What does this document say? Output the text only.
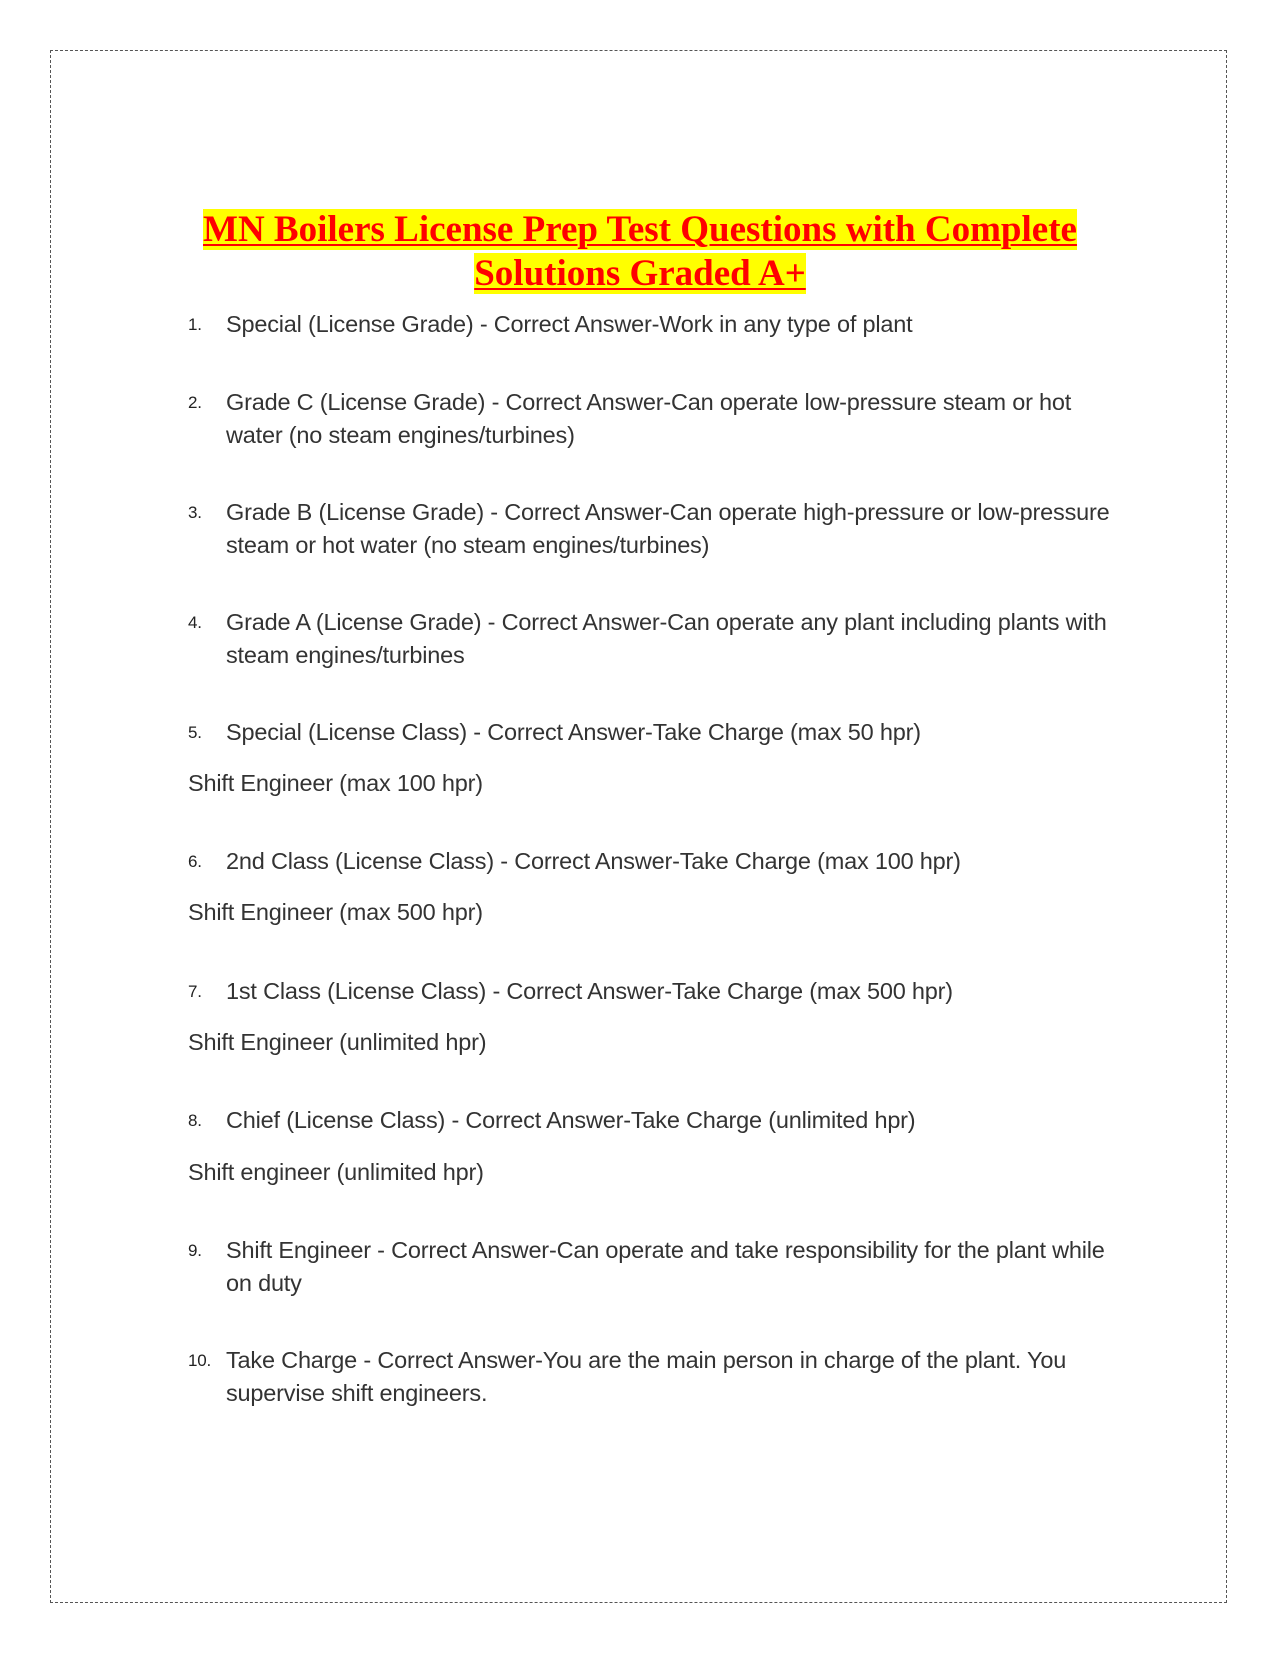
MN Boilers License Prep Test Questions with Complete
Solutions Graded A+
1.	Special (License Grade) - Correct Answer-Work in any type of plant
2.	Grade C (License Grade) - Correct Answer-Can operate low-pressure steam or hot water (no steam engines/turbines)
3.	Grade B (License Grade) - Correct Answer-Can operate high-pressure or low-pressure steam or hot water (no steam engines/turbines)
4.	Grade A (License Grade) - Correct Answer-Can operate any plant including plants with steam engines/turbines
5.	Special (License Class) - Correct Answer-Take Charge (max 50 hpr)
Shift Engineer (max 100 hpr)
6.	2nd Class (License Class) - Correct Answer-Take Charge (max 100 hpr)
Shift Engineer (max 500 hpr)
7.	1st Class (License Class) - Correct Answer-Take Charge (max 500 hpr)
Shift Engineer (unlimited hpr)
8.	Chief (License Class) - Correct Answer-Take Charge (unlimited hpr)
Shift engineer (unlimited hpr)
9.	Shift Engineer - Correct Answer-Can operate and take responsibility for the plant while on duty
10. Take Charge - Correct Answer-You are the main person in charge of the plant. You supervise shift engineers.
